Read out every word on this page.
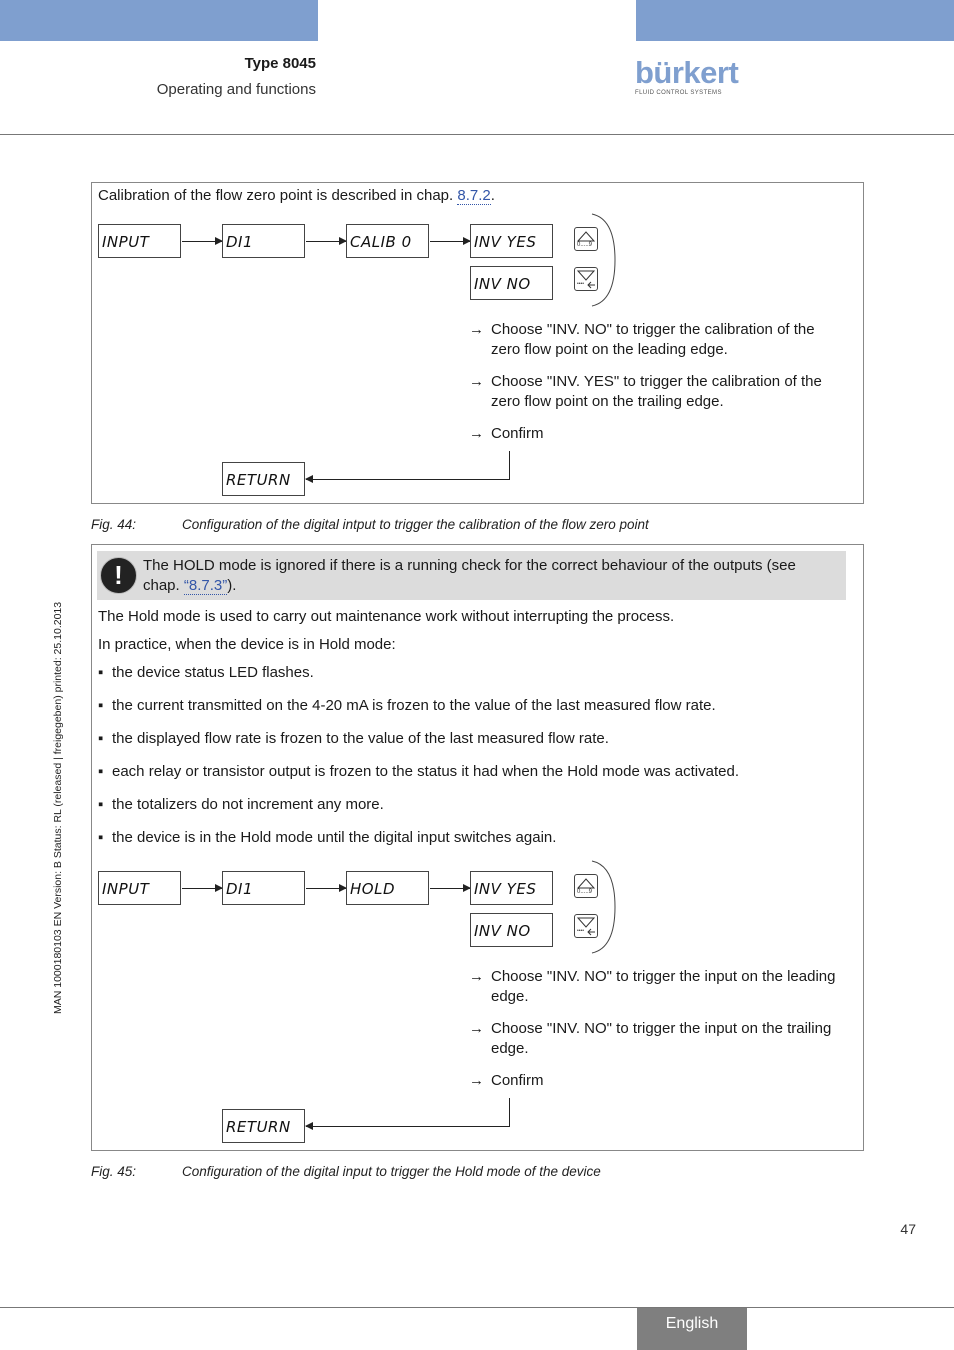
Type 8045
Operating and functions	bürkert
FLUID CONTROL SYSTEMS
MAN 1000180103 EN Version: B Status: RL (released | freigegeben) printed: 25.10.2013
Calibration of the flow zero point is described in chap. 8.7.2.
INPUT	DI1	CALIB 0	INV YES
INV NO
0.....9
••••
→ Choose "INV. NO" to trigger the calibration of the zero flow point on the leading edge.
→ Choose "INV. YES" to trigger the calibration of the zero flow point on the trailing edge.
→ Confirm
RETURN
Fig. 44:	Configuration of the digital intput to trigger the calibration of the flow zero point
!	The HOLD mode is ignored if there is a running check for the correct behaviour of the outputs (see
chap. “8.7.3”).
The Hold mode is used to carry out maintenance work without interrupting the process.
In practice, when the device is in Hold mode:
▪ the device status LED flashes.
▪ the current transmitted on the 4-20 mA is frozen to the value of the last measured flow rate.
▪ the displayed flow rate is frozen to the value of the last measured flow rate.
▪ each relay or transistor output is frozen to the status it had when the Hold mode was activated.
▪ the totalizers do not increment any more.
▪ the device is in the Hold mode until the digital input switches again.
INPUT	DI1	HOLD	INV YES
INV NO
0.....9
••••
→ Choose "INV. NO" to trigger the input on the leading edge.
→ Choose "INV. NO" to trigger the input on the trailing edge.
→ Confirm
RETURN
Fig. 45:	Configuration of the digital input to trigger the Hold mode of the device
47
English
